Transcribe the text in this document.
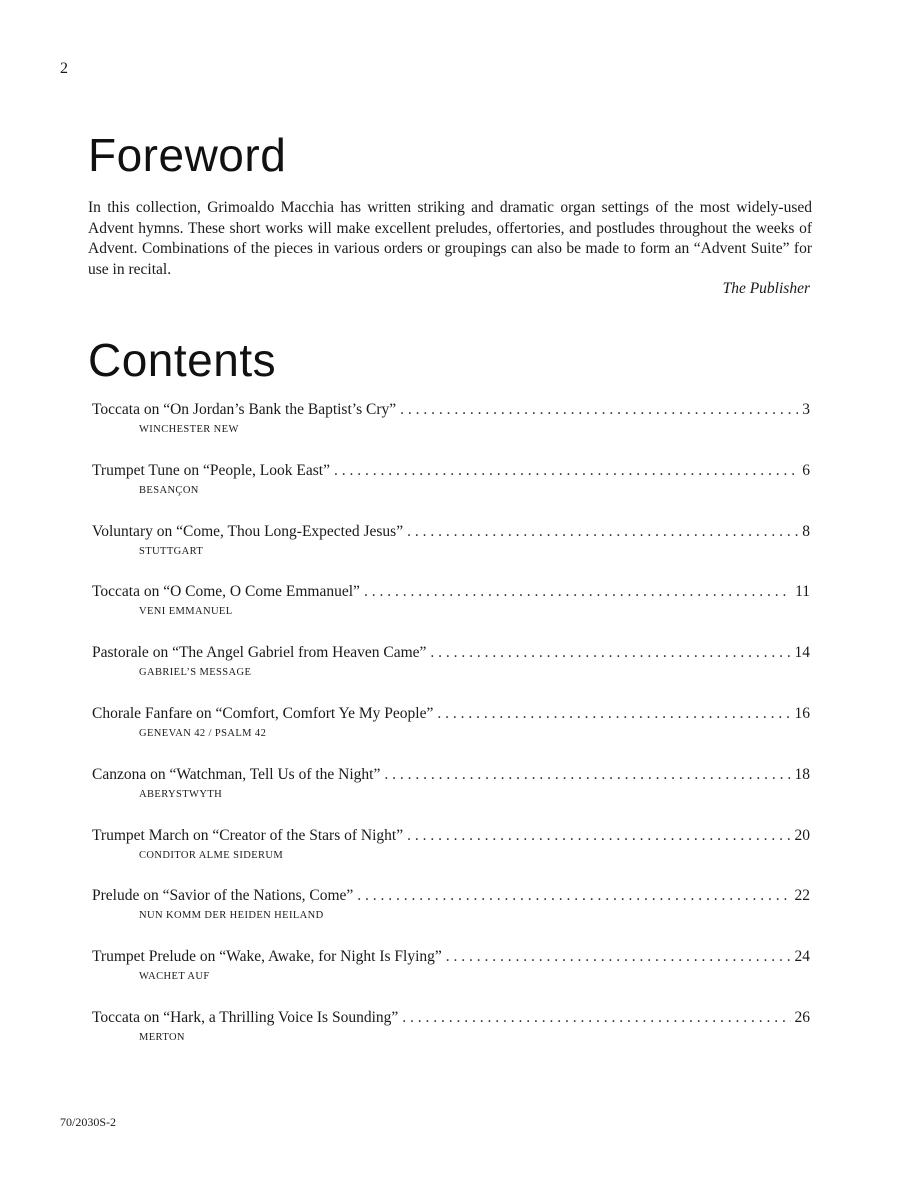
2
Foreword

In this collection, Grimoaldo Macchia has written striking and dramatic organ settings of the most widely-used Advent hymns. These short works will make excellent preludes, offertories, and postludes throughout the weeks of Advent. Combinations of the pieces in various orders or groupings can also be made to form an “Advent Suite” for use in recital.

The Publisher
Contents
Toccata on “On Jordan’s Bank the Baptist’s Cry” . . .	3
WINCHESTER NEW
Trumpet Tune on “People, Look East” . . .	6
BESANÇON
Voluntary on “Come, Thou Long-Expected Jesus” . . .	8
STUTTGART
Toccata on “O Come, O Come Emmanuel” . . .	11
VENI EMMANUEL
Pastorale on “The Angel Gabriel from Heaven Came” . . .	14
GABRIEL’S MESSAGE
Chorale Fanfare on “Comfort, Comfort Ye My People” . . .	16
GENEVAN 42 / PSALM 42
Canzona on “Watchman, Tell Us of the Night” . . .	18
ABERYSTWYTH
Trumpet March on “Creator of the Stars of Night” . . .	20
CONDITOR ALME SIDERUM
Prelude on “Savior of the Nations, Come” . . .	22
NUN KOMM DER HEIDEN HEILAND
Trumpet Prelude on “Wake, Awake, for Night Is Flying” . . .	24
WACHET AUF
Toccata on “Hark, a Thrilling Voice Is Sounding” . . .	26
MERTON
70/2030S-2
